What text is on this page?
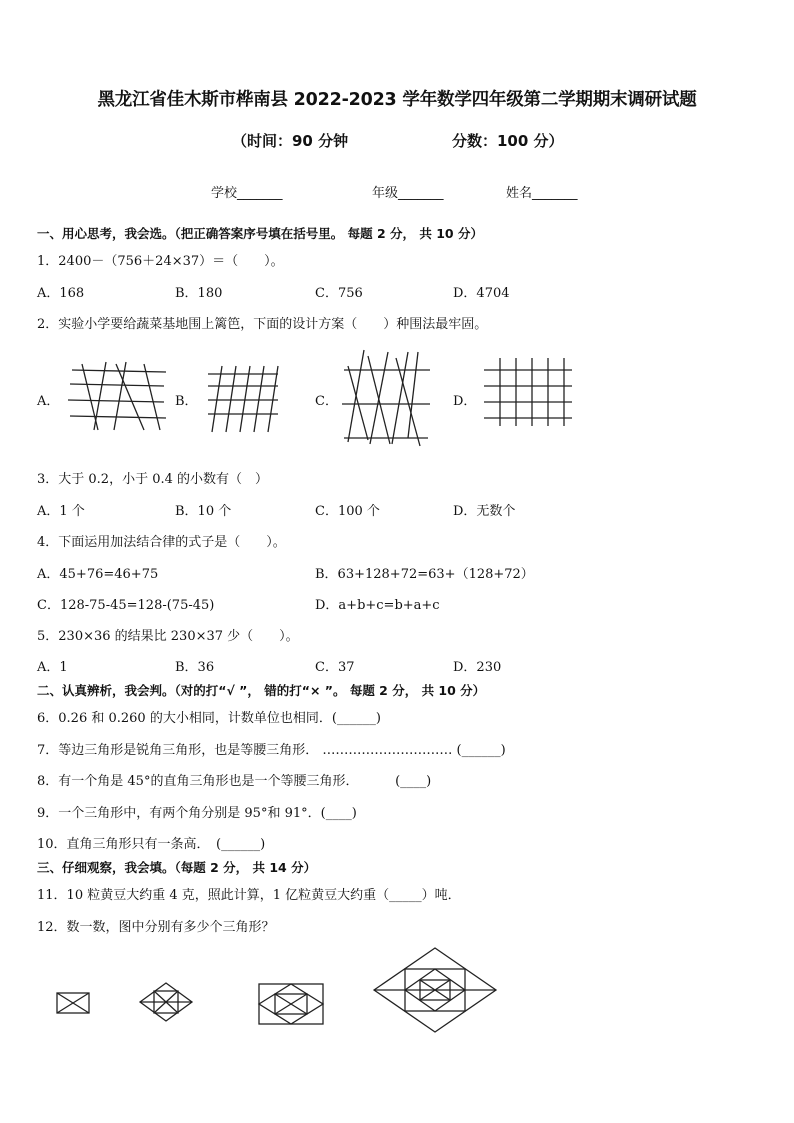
黑龙江省佳木斯市桦南县 2022-2023 学年数学四年级第二学期期末调研试题
（时间：90 分钟	分数：100 分）
学校_______	年级_______	姓名_______
一、用心思考，我会选。（把正确答案序号填在括号里。 每题 2 分， 共 10 分）
1．2400－（756＋24×37）＝（　　）。
A．168	B．180	C．756	D．4704
2．实验小学要给蔬菜基地围上篱笆，下面的设计方案（　　）种围法最牢固。
A．	B．	C．	D．
3．大于 0.2，小于 0.4 的小数有（　）
A．1 个	B．10 个	C．100 个	D．无数个
4．下面运用加法结合律的式子是（　　）。
A．45+76=46+75	B．63+128+72=63+（128+72）
C．128-75-45=128-(75-45)	D．a+b+c=b+a+c
5．230×36 的结果比 230×37 少（　　）。
A．1	B．36	C．37	D．230
二、认真辨析，我会判。（对的打“√ ”， 错的打“× ”。 每题 2 分， 共 10 分）
6．0.26 和 0.260 的大小相同，计数单位也相同．(______)
7．等边三角形是锐角三角形，也是等腰三角形． ………………………… (______)
8．有一个角是 45°的直角三角形也是一个等腰三角形．　　　 (____)
9．一个三角形中，有两个角分别是 95°和 91°．(____)
10．直角三角形只有一条高．　(______)
三、仔细观察，我会填。（每题 2 分， 共 14 分）
11．10 粒黄豆大约重 4 克，照此计算，1 亿粒黄豆大约重（_____）吨．
12．数一数，图中分别有多少个三角形？
